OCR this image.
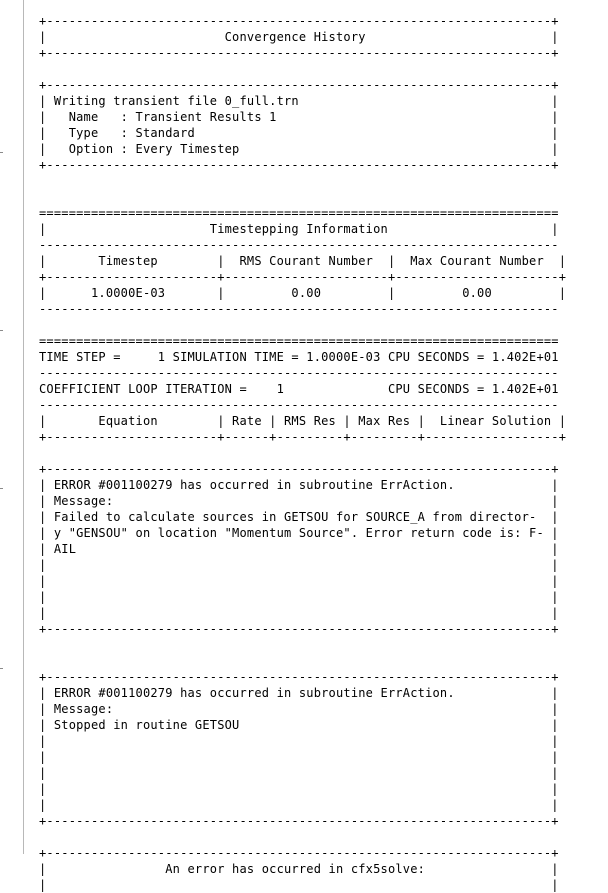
+--------------------------------------------------------------------+
|                        Convergence History                         |
+--------------------------------------------------------------------+
+--------------------------------------------------------------------+
| Writing transient file 0_full.trn                                  |
|   Name   : Transient Results 1                                     |
|   Type   : Standard                                                |
|   Option : Every Timestep                                          |
+--------------------------------------------------------------------+
======================================================================
|                      Timestepping Information                      |
----------------------------------------------------------------------
|       Timestep        |  RMS Courant Number  |  Max Courant Number  |
+-----------------------+----------------------+----------------------+
|      1.0000E-03       |         0.00         |         0.00         |
----------------------------------------------------------------------
======================================================================
TIME STEP =     1 SIMULATION TIME = 1.0000E-03 CPU SECONDS = 1.402E+01
----------------------------------------------------------------------
COEFFICIENT LOOP ITERATION =    1              CPU SECONDS = 1.402E+01
----------------------------------------------------------------------
|       Equation        | Rate | RMS Res | Max Res |  Linear Solution |
+-----------------------+------+---------+---------+------------------+
+--------------------------------------------------------------------+
| ERROR #001100279 has occurred in subroutine ErrAction.             |
| Message:                                                           |
| Failed to calculate sources in GETSOU for SOURCE_A from director-  |
| y "GENSOU" on location "Momentum Source". Error return code is: F- |
| AIL                                                                |
|                                                                    |
|                                                                    |
|                                                                    |
|                                                                    |
+--------------------------------------------------------------------+
+--------------------------------------------------------------------+
| ERROR #001100279 has occurred in subroutine ErrAction.             |
| Message:                                                           |
| Stopped in routine GETSOU                                          |
|                                                                    |
|                                                                    |
|                                                                    |
|                                                                    |
|                                                                    |
+--------------------------------------------------------------------+
+--------------------------------------------------------------------+
|                An error has occurred in cfx5solve:                 |
|                                                                    |
